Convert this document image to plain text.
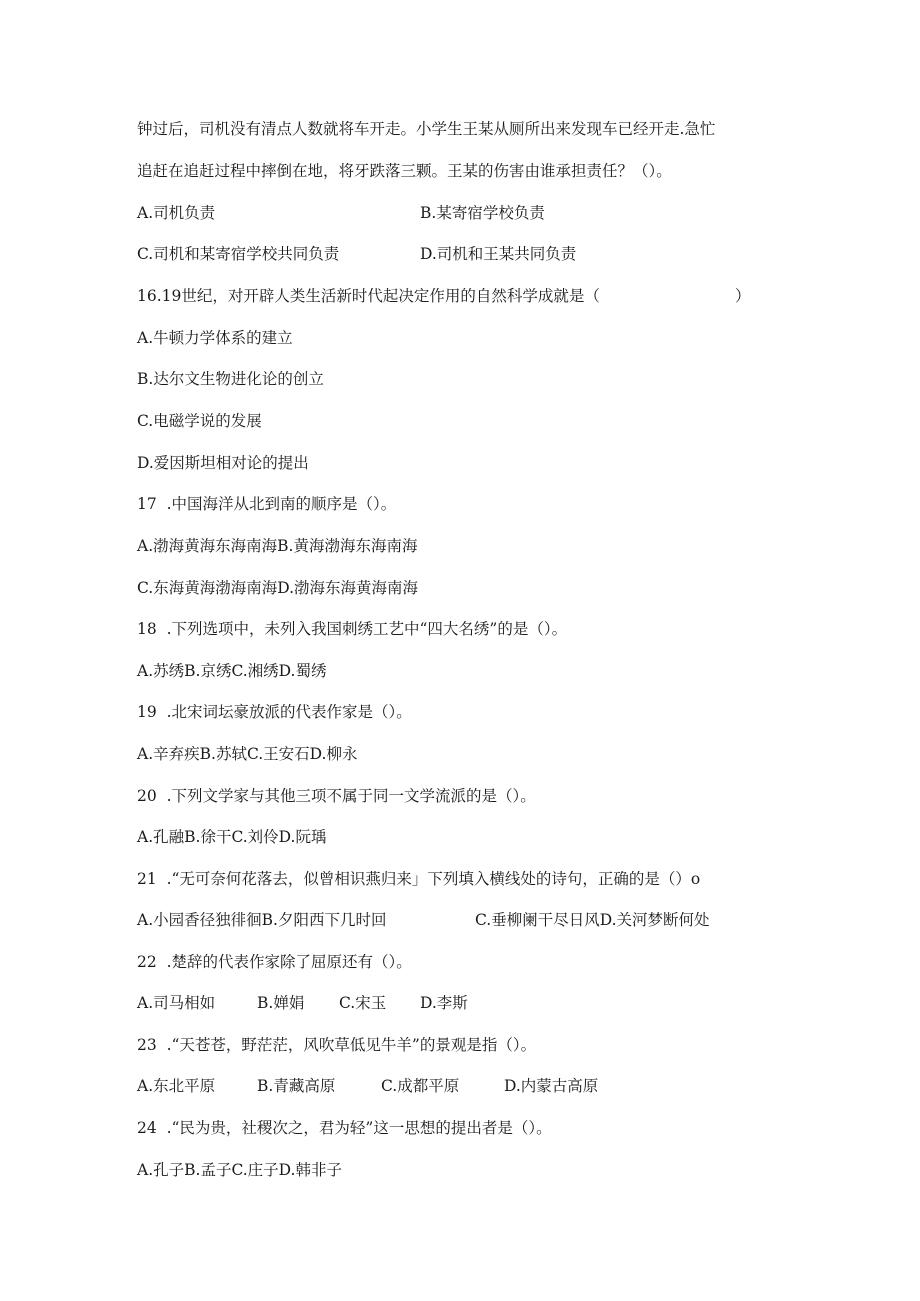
钟过后，司机没有清点人数就将车开走。小学生王某从厕所出来发现车已经开走.急忙
追赶在追赶过程中摔倒在地，将牙跌落三颗。王某的伤害由谁承担责任？（）。
A.司机负责	B.某寄宿学校负责
C.司机和某寄宿学校共同负责	D.司机和王某共同负责
16.19世纪，对开辟人类生活新时代起决定作用的自然科学成就是（	）
A.牛顿力学体系的建立
B.达尔文生物进化论的创立
C.电磁学说的发展
D.爱因斯坦相对论的提出
17  .中国海洋从北到南的顺序是（）。
A.渤海黄海东海南海B.黄海渤海东海南海
C.东海黄海渤海南海D.渤海东海黄海南海
18  .下列选项中，未列入我国刺绣工艺中“四大名绣”的是（）。
A.苏绣B.京绣C.湘绣D.蜀绣
19  .北宋词坛豪放派的代表作家是（）。
A.辛弃疾B.苏轼C.王安石D.柳永
20  .下列文学家与其他三项不属于同一文学流派的是（）。
A.孔融B.徐干C.刘伶D.阮瑀
21  .“无可奈何花落去，似曾相识燕归来」下列填入横线处的诗句，正确的是（）o
A.小园香径独徘徊B.夕阳西下几时回	C.垂柳阑干尽日风D.关河梦断何处
22  .楚辞的代表作家除了屈原还有（）。
A.司马相如	B.婵娟 C.宋玉 D.李斯
23  .“天苍苍，野茫茫，风吹草低见牛羊”的景观是指（）。
A.东北平原	B.青藏高原	C.成都平原	D.内蒙古高原
24  .“民为贵，社稷次之，君为轻”这一思想的提出者是（）。
A.孔子B.孟子C.庄子D.韩非子
